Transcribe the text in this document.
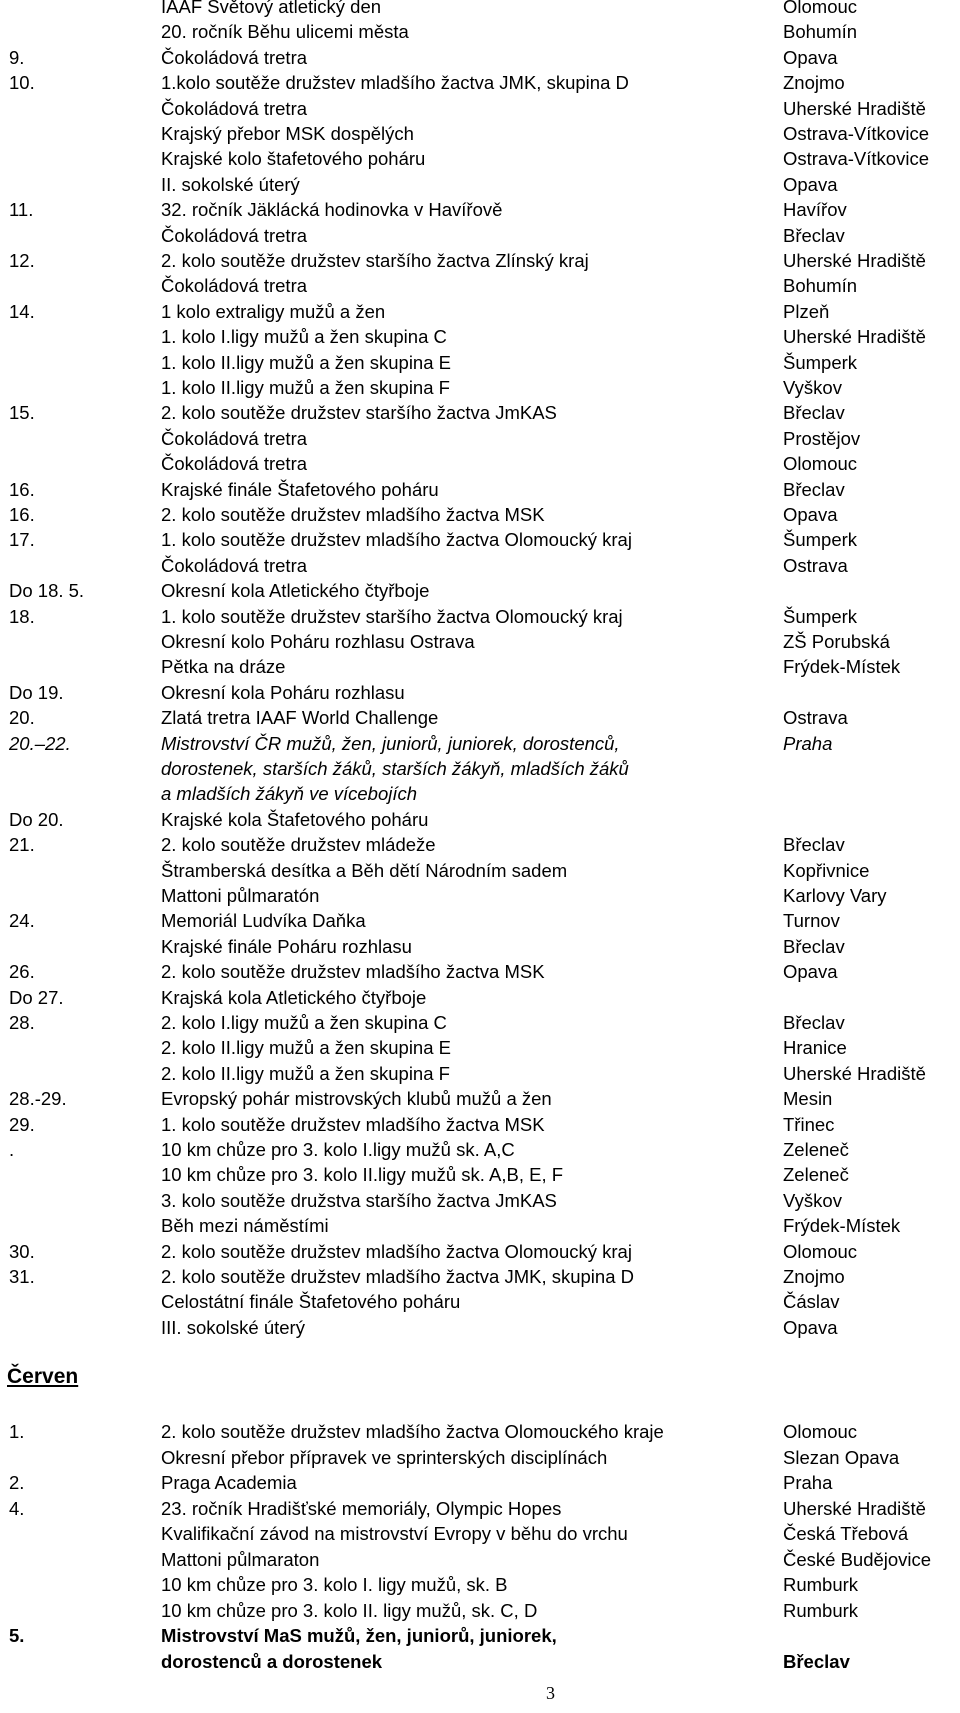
IAAF Světový atletický den	Olomouc
20. ročník Běhu ulicemi města	Bohumín
9.	Čokoládová tretra	Opava
10.	1.kolo soutěže družstev mladšího žactva JMK, skupina D	Znojmo
Čokoládová tretra	Uherské Hradiště
Krajský přebor MSK dospělých	Ostrava-Vítkovice
Krajské kolo štafetového poháru	Ostrava-Vítkovice
II. sokolské úterý	Opava
11.	32. ročník Jäklácká hodinovka v Havířově	Havířov
Čokoládová tretra	Břeclav
12.	2. kolo soutěže družstev staršího žactva Zlínský kraj	Uherské Hradiště
Čokoládová tretra	Bohumín
14.	1 kolo extraligy mužů a žen	Plzeň
1. kolo I.ligy mužů a žen skupina C	Uherské Hradiště
1. kolo II.ligy mužů a žen skupina E	Šumperk
1. kolo II.ligy mužů a žen skupina F	Vyškov
15.	2. kolo soutěže družstev staršího žactva JmKAS	Břeclav
Čokoládová tretra	Prostějov
Čokoládová tretra	Olomouc
16.	Krajské finále Štafetového poháru	Břeclav
16.	2. kolo soutěže družstev mladšího žactva MSK	Opava
17.	1. kolo soutěže družstev mladšího žactva Olomoucký kraj	Šumperk
Čokoládová tretra	Ostrava
Do 18. 5.	Okresní kola Atletického čtyřboje
18.	1. kolo soutěže družstev staršího žactva Olomoucký kraj	Šumperk
Okresní kolo Poháru rozhlasu Ostrava	ZŠ Porubská
Pětka na dráze	Frýdek-Místek
Do 19.	Okresní kola Poháru rozhlasu
20.	Zlatá tretra IAAF World Challenge	Ostrava
20.‒22.	Mistrovství ČR mužů, žen, juniorů, juniorek, dorostenců,	Praha
dorostenek, starších žáků, starších žákyň, mladších žáků
a mladších žákyň ve vícebojích
Do 20.	Krajské kola Štafetového poháru
21.	2. kolo soutěže družstev mládeže	Břeclav
Štramberská desítka a Běh dětí Národním sadem	Kopřivnice
Mattoni půlmaratón	Karlovy Vary
24.	Memoriál Ludvíka Daňka	Turnov
Krajské finále Poháru rozhlasu	Břeclav
26.	2. kolo soutěže družstev mladšího žactva MSK	Opava
Do 27.	Krajská kola Atletického čtyřboje
28.	2. kolo I.ligy mužů a žen skupina C	Břeclav
2. kolo II.ligy mužů a žen skupina E	Hranice
2. kolo II.ligy mužů a žen skupina F	Uherské Hradiště
28.-29.	Evropský pohár mistrovských klubů mužů a žen	Mesin
29.	1. kolo soutěže družstev mladšího žactva MSK	Třinec
.	10 km chůze pro 3. kolo I.ligy mužů sk. A,C	Zeleneč
10 km chůze pro 3. kolo II.ligy mužů sk. A,B, E, F	Zeleneč
3. kolo soutěže družstva staršího žactva JmKAS	Vyškov
Běh mezi náměstími	Frýdek-Místek
30.	2. kolo soutěže družstev mladšího žactva Olomoucký kraj	Olomouc
31.	2. kolo soutěže družstev mladšího žactva JMK, skupina D	Znojmo
Celostátní finále Štafetového poháru	Čáslav
III. sokolské úterý	Opava
Červen
1.	2. kolo soutěže družstev mladšího žactva Olomouckého kraje	Olomouc
Okresní přebor přípravek ve sprinterských disciplínách	Slezan Opava
2.	Praga Academia	Praha
4.	23. ročník Hradišťské memoriály, Olympic Hopes	Uherské Hradiště
Kvalifikační závod na mistrovství Evropy v běhu do vrchu	Česká Třebová
Mattoni půlmaraton	České Budějovice
10 km chůze pro 3. kolo I. ligy mužů, sk. B	Rumburk
10 km chůze pro 3. kolo II. ligy mužů, sk. C, D	Rumburk
5.	Mistrovství MaS mužů, žen, juniorů, juniorek,
dorostenců a dorostenek	Břeclav
3
